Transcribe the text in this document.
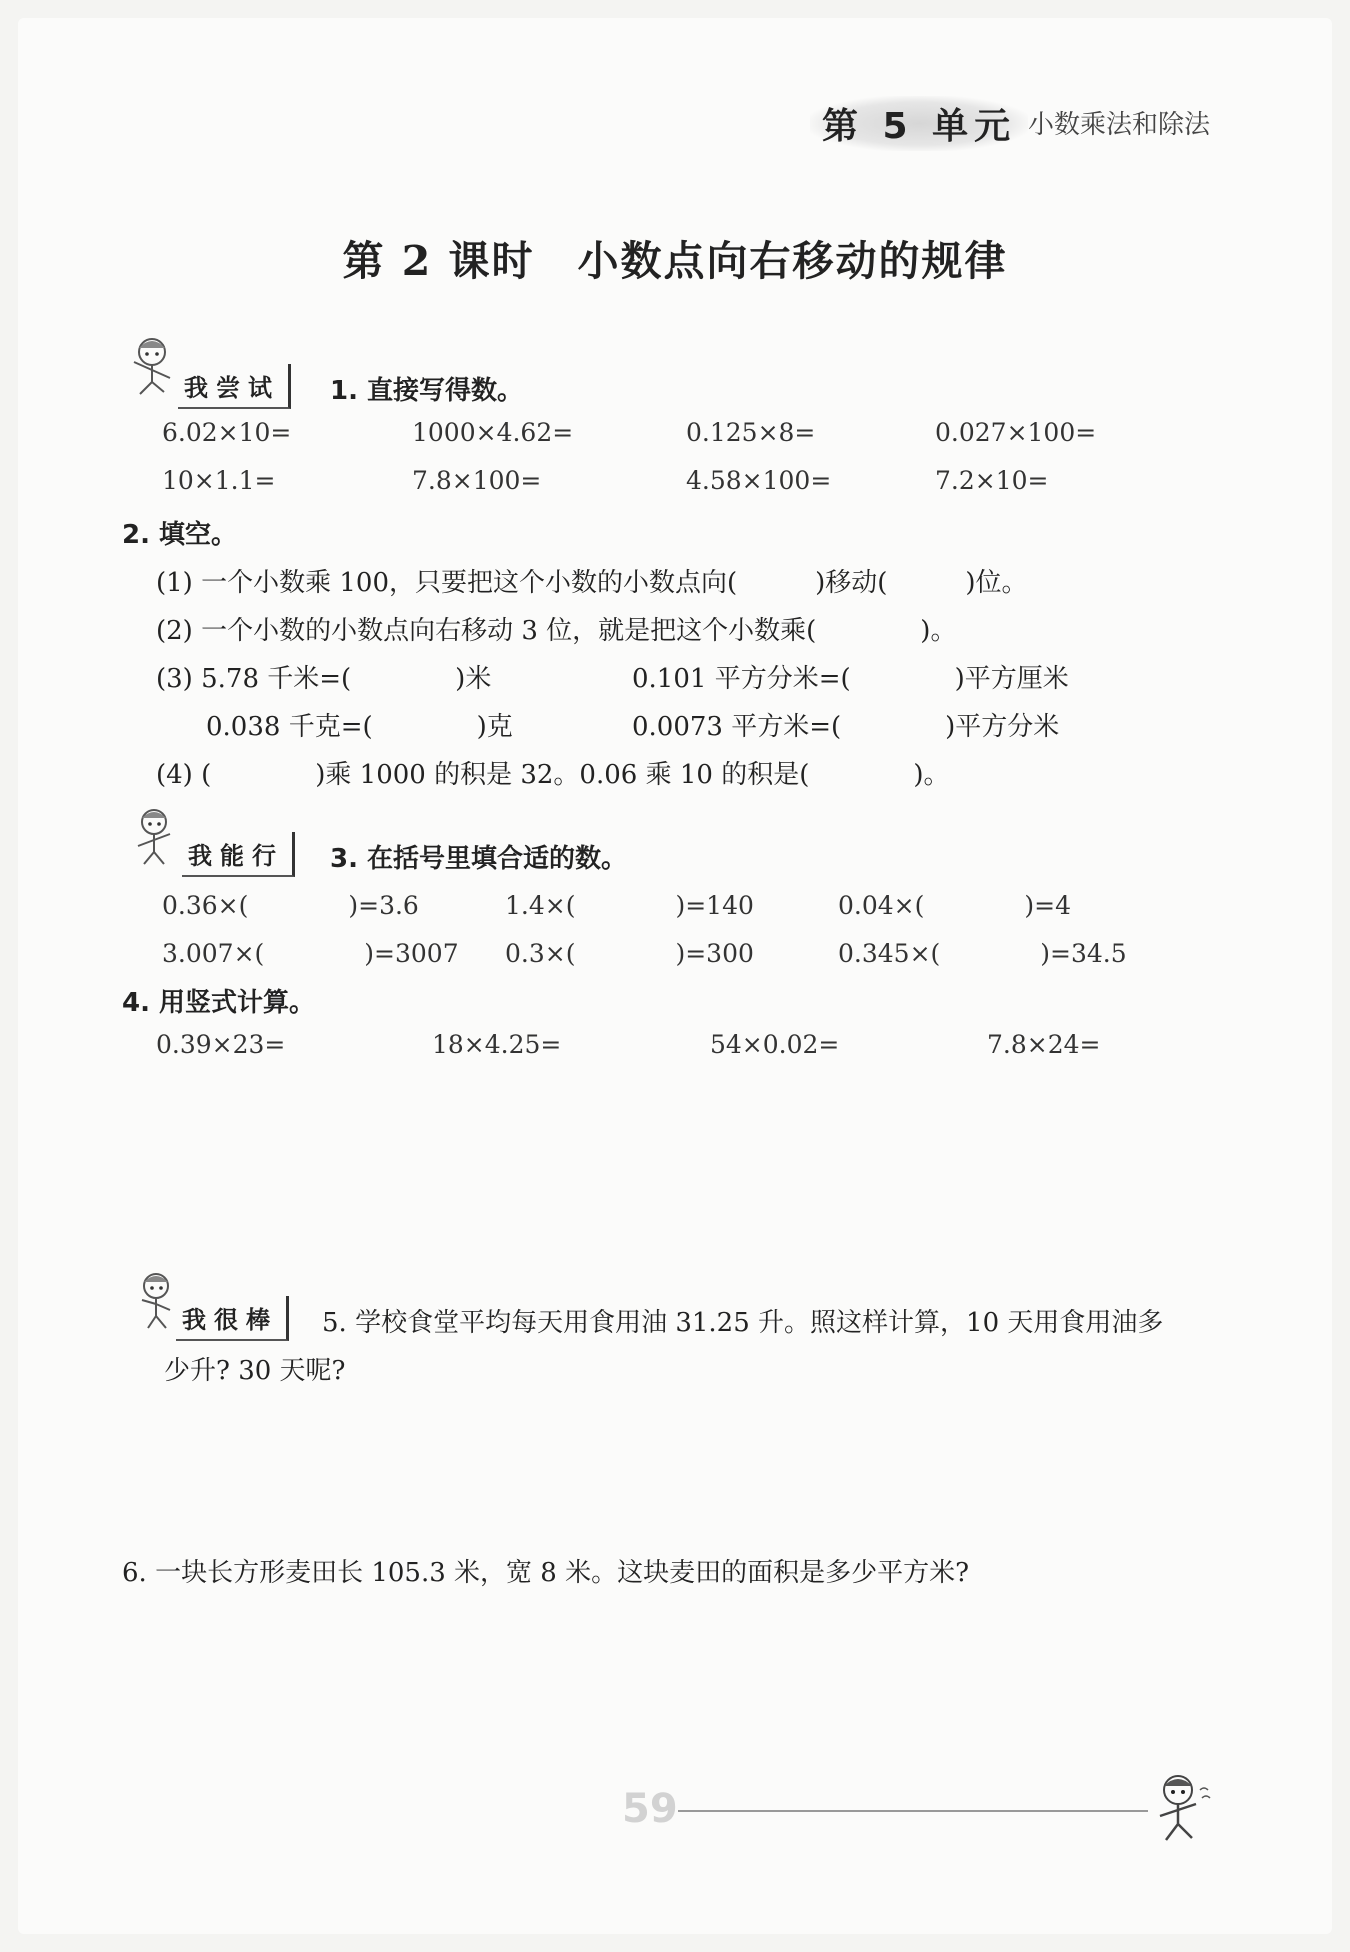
第 5 单元 小数乘法和除法
第 2 课时　小数点向右移动的规律
我尝试	1. 直接写得数。
6.02×10=	1000×4.62=	0.125×8=	0.027×100=
10×1.1=	7.8×100=	4.58×100=	7.2×10=
2. 填空。
(1) 一个小数乘 100，只要把这个小数的小数点向(　　　)移动(　　　)位。
(2) 一个小数的小数点向右移动 3 位，就是把这个小数乘(　　　　)。
(3) 5.78 千米=(　　　　)米	0.101 平方分米=(　　　　)平方厘米
0.038 千克=(　　　　)克	0.0073 平方米=(　　　　)平方分米
(4) (　　　　)乘 1000 的积是 32。0.06 乘 10 的积是(　　　　)。
我能行	3. 在括号里填合适的数。
0.36×(　　　　)=3.6	1.4×(　　　　)=140	0.04×(　　　　)=4
3.007×(　　　　)=3007 0.3×(　　　　)=300	0.345×(　　　　)=34.5
4. 用竖式计算。
0.39×23=	18×4.25=	54×0.02=	7.8×24=
我很棒	5. 学校食堂平均每天用食用油 31.25 升。照这样计算，10 天用食用油多
少升? 30 天呢?
6. 一块长方形麦田长 105.3 米，宽 8 米。这块麦田的面积是多少平方米?
59
